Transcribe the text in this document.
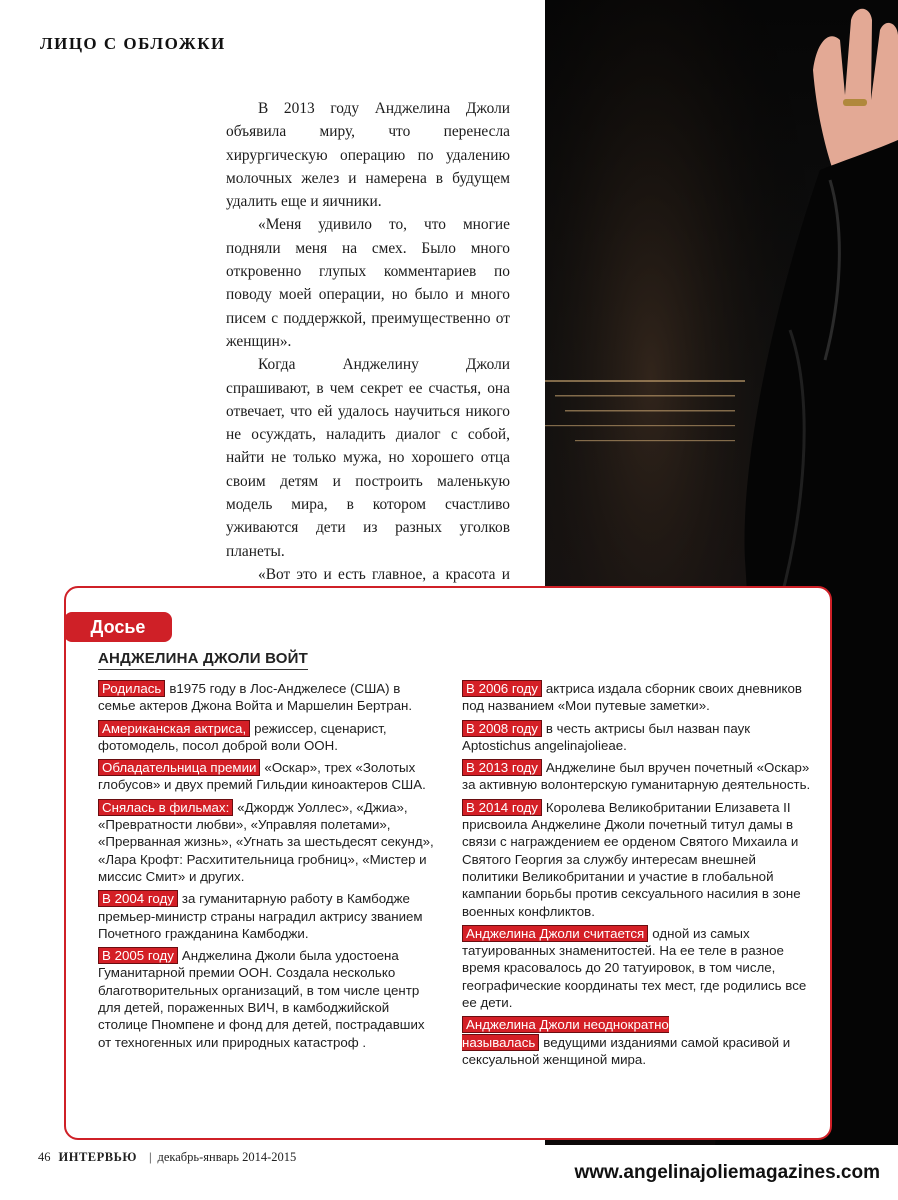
ЛИЦО С ОБЛОЖКИ

В 2013 году Анджелина Джоли объявила миру, что перенесла хирургическую операцию по удалению молочных желез и намерена в будущем удалить еще и яичники.

«Меня удивило то, что многие подняли меня на смех. Было много откровенно глупых комментариев по поводу моей операции, но было и много писем с поддержкой, преимущественно от женщин».

Когда Анджелину Джоли спрашивают, в чем секрет ее счастья, она отвечает, что ей удалось научиться никого не осуждать, наладить диалог с собой, найти не только мужа, но хорошего отца своим детям и построить маленькую модель мира, в котором счастливо уживаются дети из разных уголков планеты.

«Вот это и есть главное, а красота и

Досье
АНДЖЕЛИНА ДЖОЛИ ВОЙТ

Родилась в1975 году в Лос-Анджелесе (США) в семье актеров Джона Войта и Маршелин Бертран.

Американская актриса, режиссер, сценарист, фотомодель, посол доброй воли ООН.

Обладательница премии «Оскар», трех «Золотых глобусов» и двух премий Гильдии киноактеров США.

Снялась в фильмах: «Джордж Уоллес», «Джиа», «Превратности любви», «Управляя полетами», «Прерванная жизнь», «Угнать за шестьдесят секунд», «Лара Крофт: Расхитительница гробниц», «Мистер и миссис Смит» и других.

В 2004 году за гуманитарную работу в Камбодже премьер-министр страны наградил актрису званием Почетного гражданина Камбоджи.

В 2005 году Анджелина Джоли была удостоена Гуманитарной премии ООН. Создала несколько благотворительных организаций, в том числе центр для детей, пораженных ВИЧ, в камбоджийской столице Пномпене и фонд для детей, пострадавших от техногенных или природных катастроф .

В 2006 году актриса издала сборник своих дневников под названием «Мои путевые заметки».

В 2008 году в честь актрисы был назван паук Aptostichus angelinajolieae.

В 2013 году Анджелине был вручен почетный «Оскар» за активную волонтерскую гуманитарную деятельность.

В 2014 году Королева Великобритании Елизавета II присвоила Анджелине Джоли почетный титул дамы в связи с награждением ее орденом Святого Михаила и Святого Георгия за службу интересам внешней политики Великобритании и участие в глобальной кампании борьбы против сексуального насилия в зоне военных конфликтов.

Анджелина Джоли считается одной из самых татуированных знаменитостей. На ее теле в разное время красовалось до 20 татуировок, в том числе, географические координаты тех мест, где родились все ее дети.

Анджелина Джоли неоднократно называлась ведущими изданиями самой красивой и сексуальной женщиной мира.

46 ИНТЕРВЬЮ | декабрь-январь 2014-2015

www.angelinajoliemagazines.com
